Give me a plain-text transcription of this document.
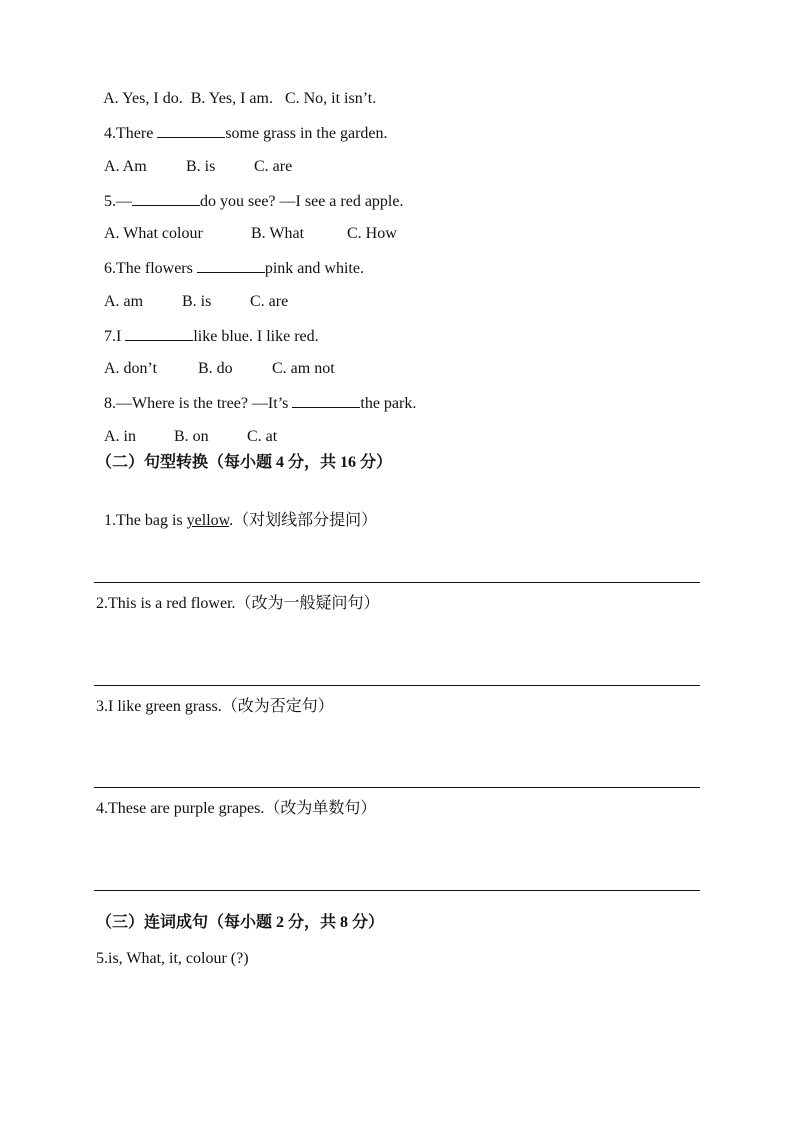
A. Yes, I do. B. Yes, I am. C. No, it isn’t.

4.There	some grass in the garden.

A. Am B. is C. are

5.—	do you see? —I see a red apple.

A. What colour	B. What	C. How

6.The flowers	pink and white.

A. am B. is C. are

7.I	like blue. I like red.

A. don’t	B. do C. am not

8.—Where is the tree? —It’s	the park.

A. in B. on C. at

（二）句型转换（每小题 4 分，共 16 分）

1.The bag is yellow.（对划线部分提问）

2.This is a red flower.（改为一般疑问句）
3.I like green grass.（改为否定句）
4.These are purple grapes.（改为单数句）
（三）连词成句（每小题 2 分，共 8 分）
5.is, What, it, colour (?)
